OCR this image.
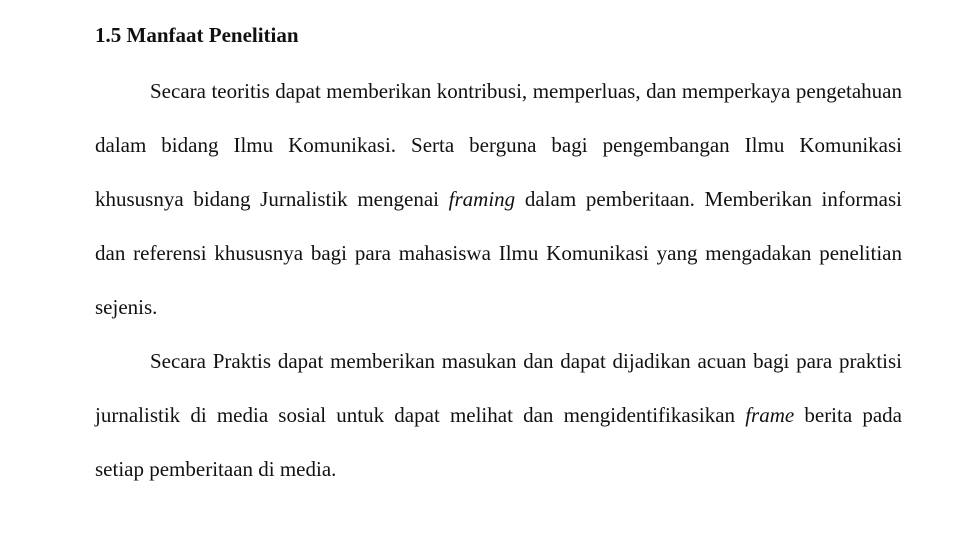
1.5 Manfaat Penelitian

Secara teoritis dapat memberikan kontribusi, memperluas, dan memperkaya pengetahuan dalam bidang Ilmu Komunikasi. Serta berguna bagi pengembangan Ilmu Komunikasi khususnya bidang Jurnalistik mengenai framing dalam pemberitaan. Memberikan informasi dan referensi khususnya bagi para mahasiswa Ilmu Komunikasi yang mengadakan penelitian sejenis.

Secara Praktis dapat memberikan masukan dan dapat dijadikan acuan bagi para praktisi jurnalistik di media sosial untuk dapat melihat dan mengidentifikasikan frame berita pada setiap pemberitaan di media.
